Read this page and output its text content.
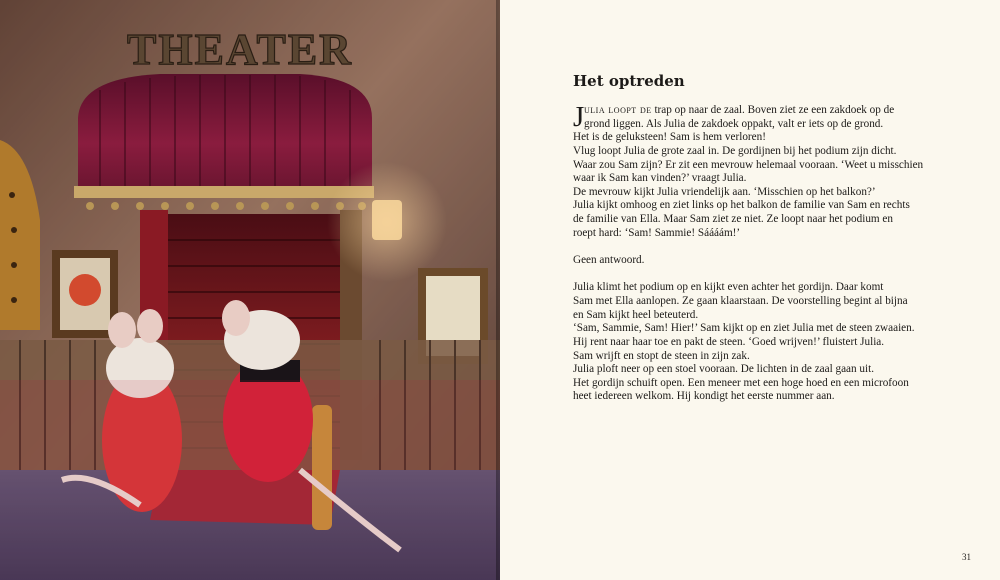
THEATER
Het optreden
J ulia loopt de trap op naar de zaal. Boven ziet ze een zakdoek op de
grond liggen. Als Julia de zakdoek oppakt, valt er iets op de grond.
Het is de geluksteen! Sam is hem verloren!
Vlug loopt Julia de grote zaal in. De gordijnen bij het podium zijn dicht.
Waar zou Sam zijn? Er zit een mevrouw helemaal vooraan. ‘Weet u misschien
waar ik Sam kan vinden?’ vraagt Julia.
De mevrouw kijkt Julia vriendelijk aan. ‘Misschien op het balkon?’
Julia kijkt omhoog en ziet links op het balkon de familie van Sam en rechts
de familie van Ella. Maar Sam ziet ze niet. Ze loopt naar het podium en
roept hard: ‘Sam! Sammie! Sáááám!’
Geen antwoord.
Julia klimt het podium op en kijkt even achter het gordijn. Daar komt
Sam met Ella aanlopen. Ze gaan klaarstaan. De voorstelling begint al bijna
en Sam kijkt heel beteuterd.
‘Sam, Sammie, Sam! Hier!’ Sam kijkt op en ziet Julia met de steen zwaaien.
Hij rent naar haar toe en pakt de steen. ‘Goed wrijven!’ fluistert Julia.
Sam wrijft en stopt de steen in zijn zak.
Julia ploft neer op een stoel vooraan. De lichten in de zaal gaan uit.
Het gordijn schuift open. Een meneer met een hoge hoed en een microfoon
heet iedereen welkom. Hij kondigt het eerste nummer aan.
31
